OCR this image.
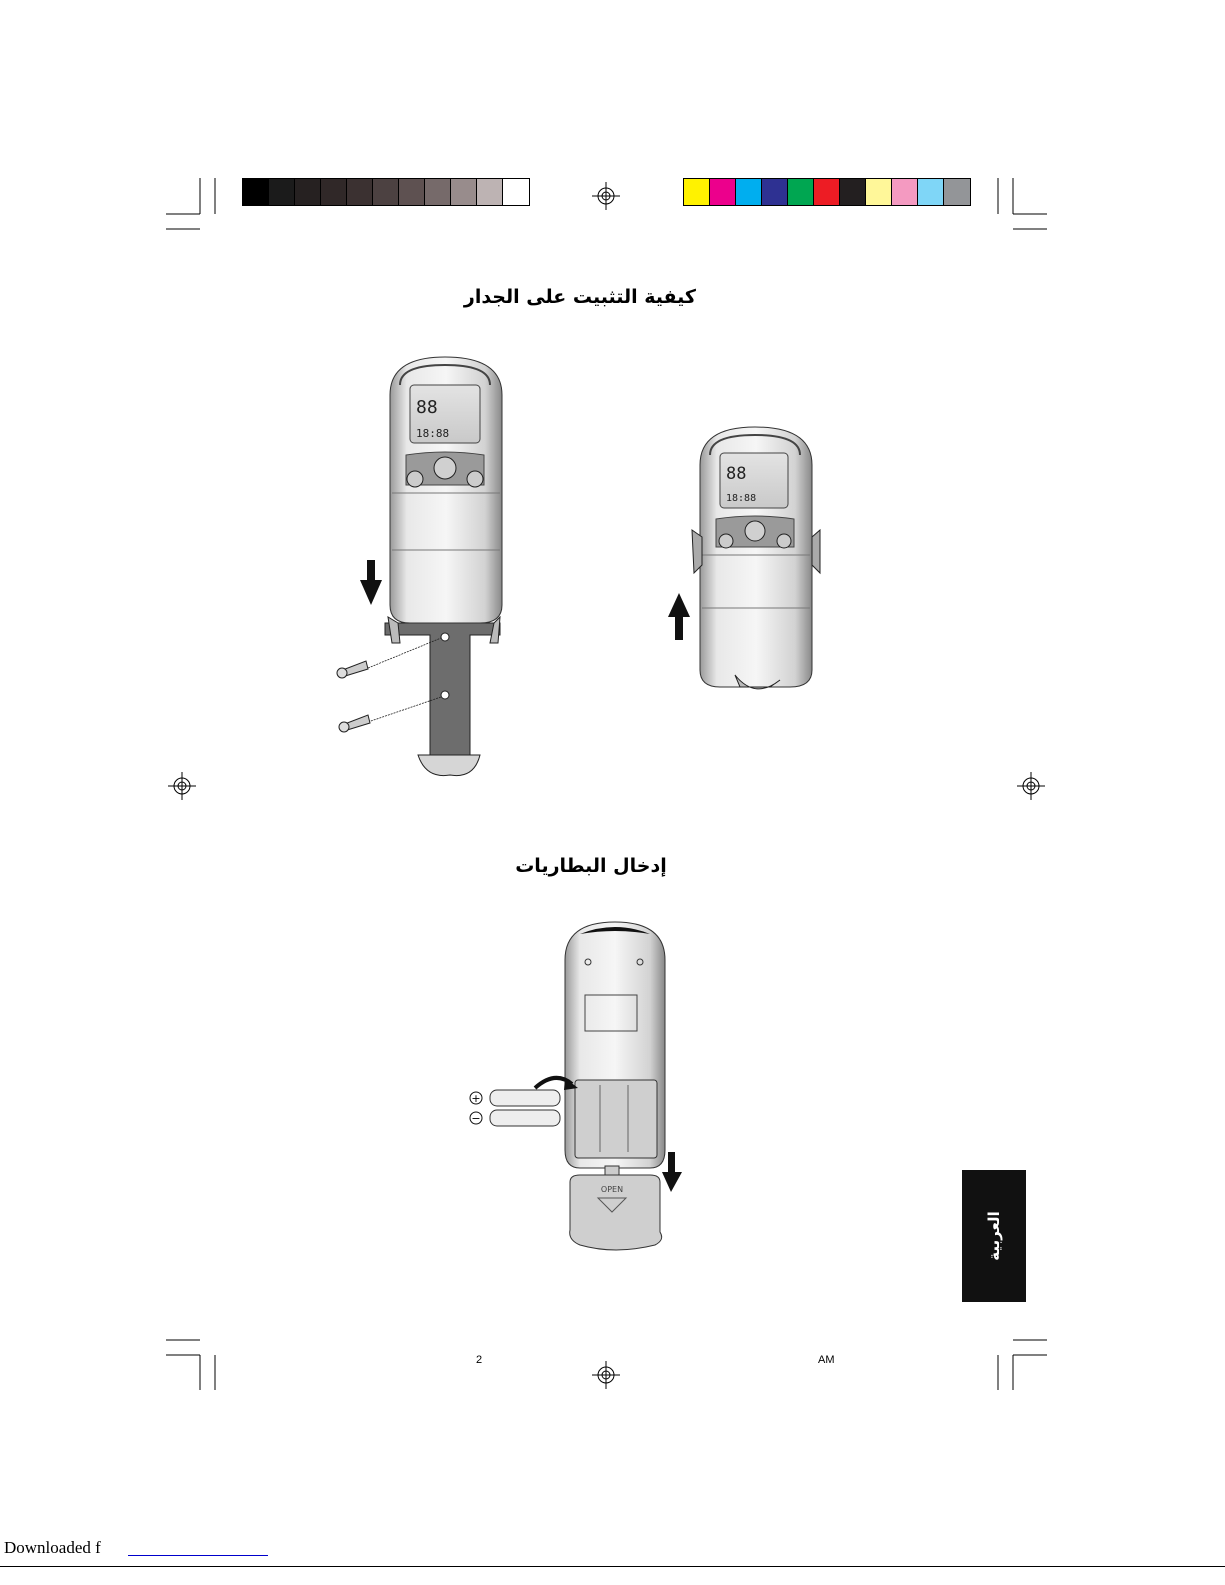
كيفية التثبيت على الجدار
88
18:88
88
18:88
إدخال البطاريات
+
−
OPEN
العربية
2	AM
Downloaded f
